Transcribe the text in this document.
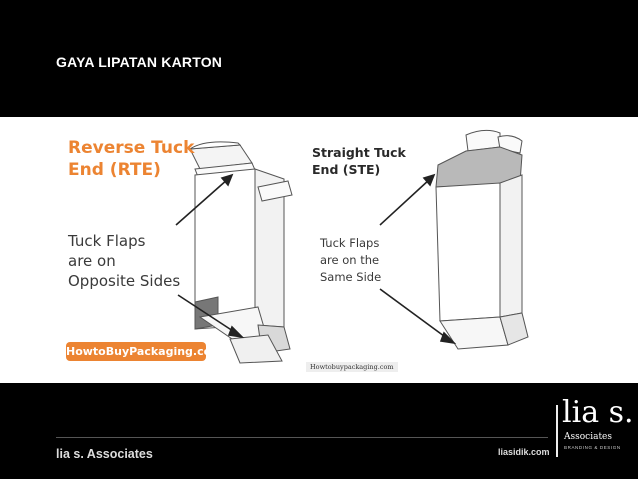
GAYA LIPATAN KARTON
Reverse Tuck
End (RTE)
Tuck Flaps
are on
Opposite Sides
HowtoBuyPackaging.com
Straight Tuck
End (STE)
Tuck Flaps
are on the
Same Side
Howtobuypackaging.com
lia s. Associates	liasidik.com
lia s.
Associates
BRANDING & DESIGN
